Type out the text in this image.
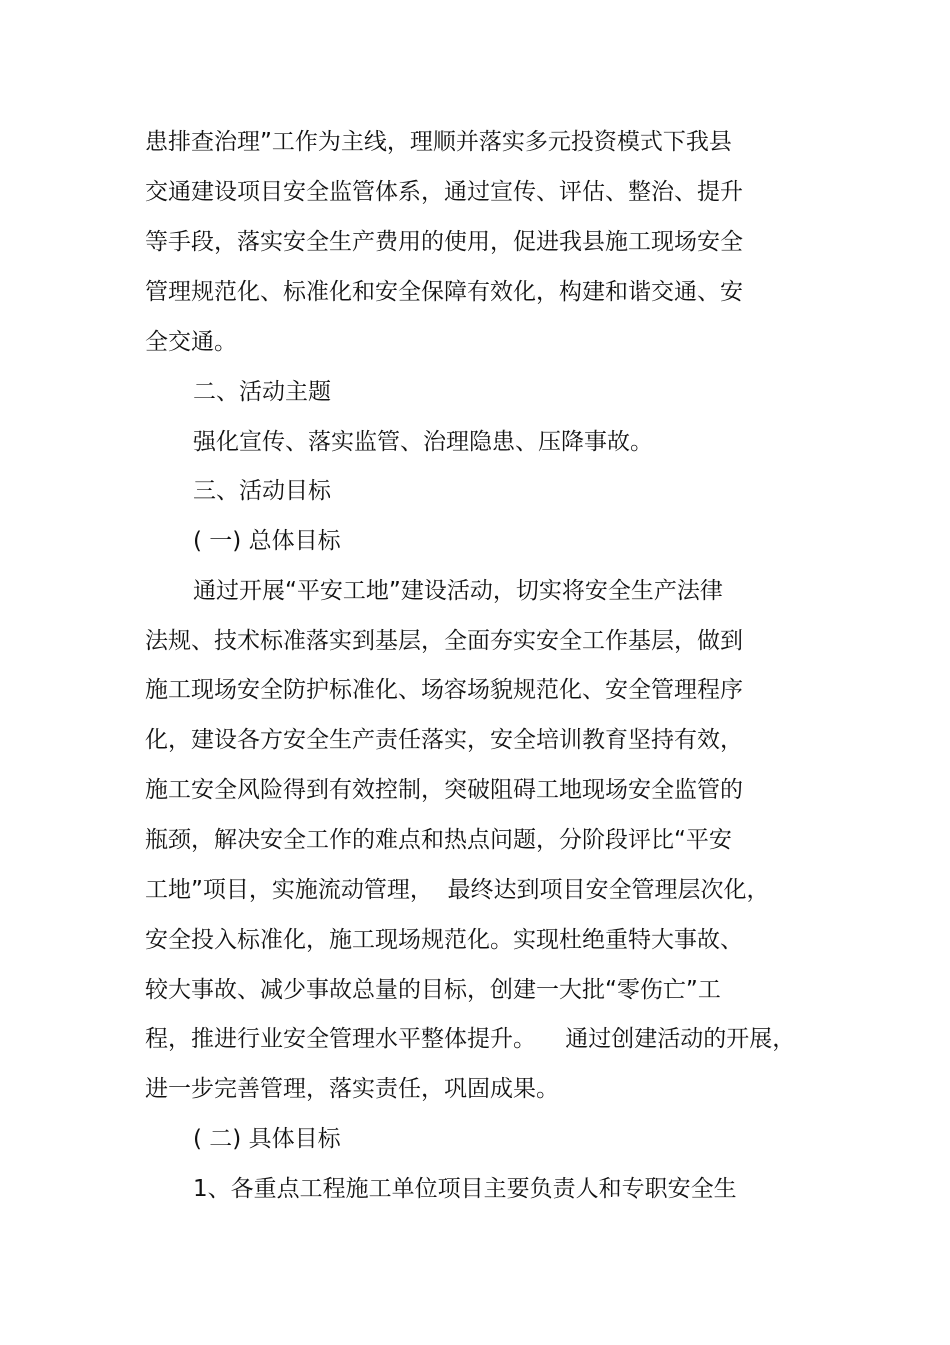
患排查治理”工作为主线，理顺并落实多元投资模式下我县
交通建设项目安全监管体系，通过宣传、评估、整治、提升
等手段，落实安全生产费用的使用，促进我县施工现场安全
管理规范化、标准化和安全保障有效化，构建和谐交通、安
全交通。
二、活动主题
强化宣传、落实监管、治理隐患、压降事故。
三、活动目标
( 一) 总体目标
通过开展“平安工地”建设活动，切实将安全生产法律
法规、技术标准落实到基层，全面夯实安全工作基层，做到
施工现场安全防护标准化、场容场貌规范化、安全管理程序
化，建设各方安全生产责任落实，安全培训教育坚持有效，
施工安全风险得到有效控制，突破阻碍工地现场安全监管的
瓶颈，解决安全工作的难点和热点问题，分阶段评比“平安
工地”项目，实施流动管理，  最终达到项目安全管理层次化，
安全投入标准化，施工现场规范化。实现杜绝重特大事故、
较大事故、减少事故总量的目标，创建一大批“零伤亡”工
程，推进行业安全管理水平整体提升。    通过创建活动的开展，
进一步完善管理，落实责任，巩固成果。
( 二) 具体目标
1、各重点工程施工单位项目主要负责人和专职安全生
